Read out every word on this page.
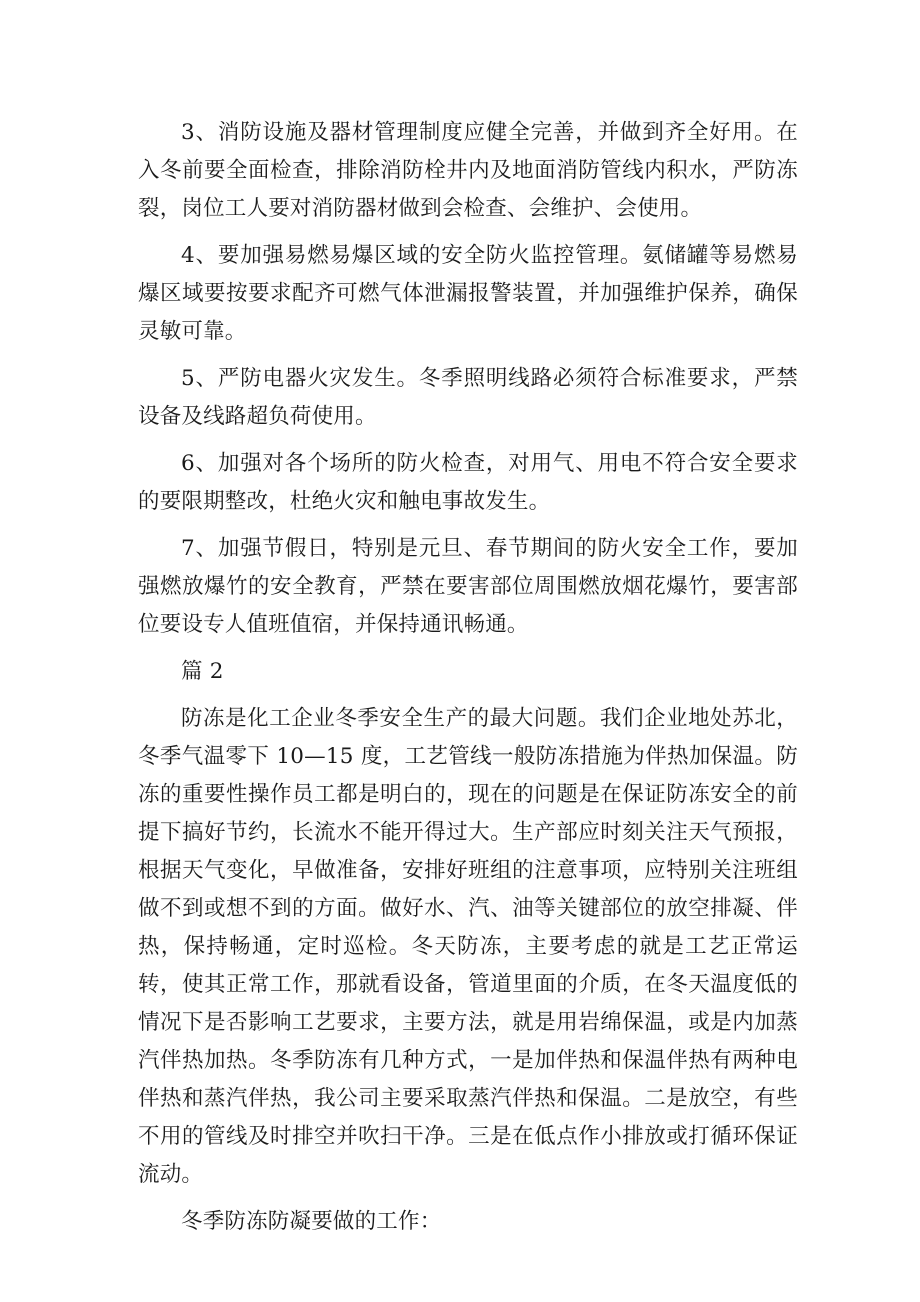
3、消防设施及器材管理制度应健全完善，并做到齐全好用。在入冬前要全面检查，排除消防栓井内及地面消防管线内积水，严防冻裂，岗位工人要对消防器材做到会检查、会维护、会使用。

4、要加强易燃易爆区域的安全防火监控管理。氨储罐等易燃易爆区域要按要求配齐可燃气体泄漏报警装置，并加强维护保养，确保灵敏可靠。

5、严防电器火灾发生。冬季照明线路必须符合标准要求，严禁设备及线路超负荷使用。

6、加强对各个场所的防火检查，对用气、用电不符合安全要求的要限期整改，杜绝火灾和触电事故发生。

7、加强节假日，特别是元旦、春节期间的防火安全工作，要加强燃放爆竹的安全教育，严禁在要害部位周围燃放烟花爆竹，要害部位要设专人值班值宿，并保持通讯畅通。

篇 2

防冻是化工企业冬季安全生产的最大问题。我们企业地处苏北，冬季气温零下 10—15 度，工艺管线一般防冻措施为伴热加保温。防冻的重要性操作员工都是明白的，现在的问题是在保证防冻安全的前提下搞好节约，长流水不能开得过大。生产部应时刻关注天气预报，根据天气变化，早做准备，安排好班组的注意事项，应特别关注班组做不到或想不到的方面。做好水、汽、油等关键部位的放空排凝、伴热，保持畅通，定时巡检。冬天防冻，主要考虑的就是工艺正常运转，使其正常工作，那就看设备，管道里面的介质，在冬天温度低的情况下是否影响工艺要求，主要方法，就是用岩绵保温，或是内加蒸汽伴热加热。冬季防冻有几种方式，一是加伴热和保温伴热有两种电伴热和蒸汽伴热，我公司主要采取蒸汽伴热和保温。二是放空，有些不用的管线及时排空并吹扫干净。三是在低点作小排放或打循环保证流动。

冬季防冻防凝要做的工作：
